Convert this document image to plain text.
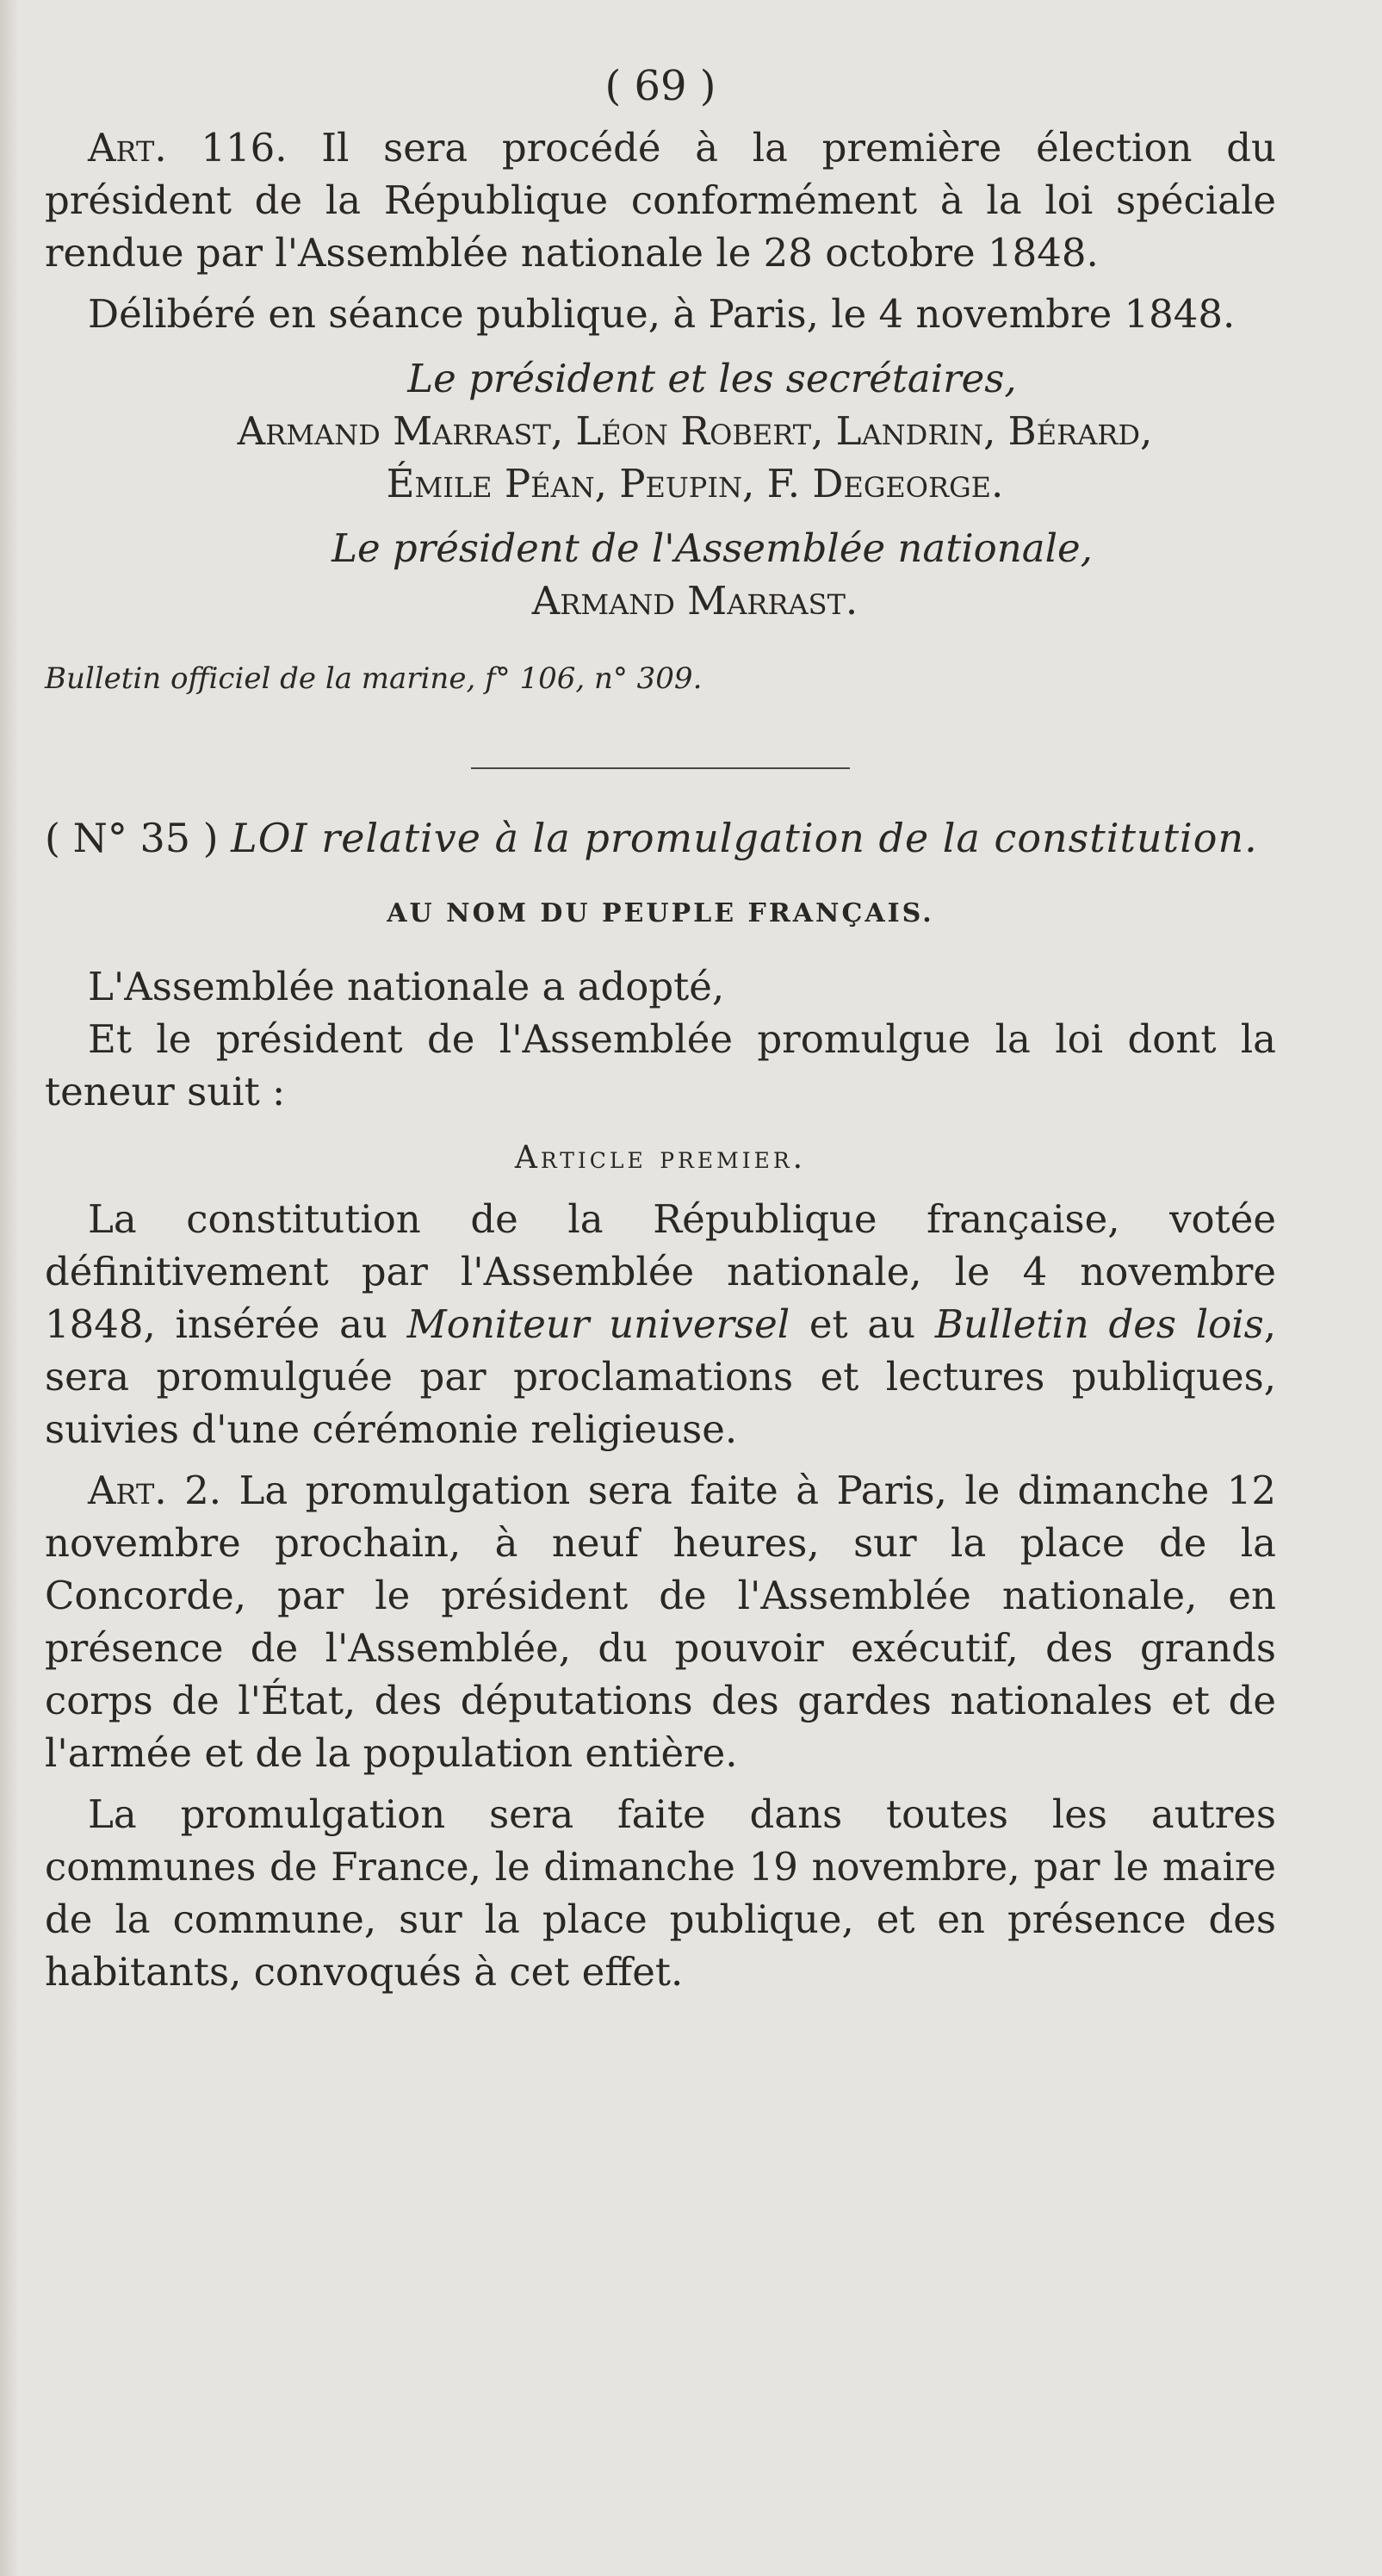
( 69 )

Art. 116. Il sera procédé à la première élection du président de la République conformément à la loi spéciale rendue par l'Assemblée nationale le 28 octobre 1848.

Délibéré en séance publique, à Paris, le 4 novembre 1848.

Le président et les secrétaires,
Armand Marrast, Léon Robert, Landrin, Bérard,
Émile Péan, Peupin, F. Degeorge.
Le président de l'Assemblée nationale,
Armand Marrast.
Bulletin officiel de la marine, f° 106, n° 309.
( N° 35 ) LOI relative à la promulgation de la constitution.
AU NOM DU PEUPLE FRANÇAIS.

L'Assemblée nationale a adopté,

Et le président de l'Assemblée promulgue la loi dont la teneur suit :

Article premier.

La constitution de la République française, votée définitivement par l'Assemblée nationale, le 4 novembre 1848, insérée au Moniteur universel et au Bulletin des lois, sera promulguée par proclamations et lectures publiques, suivies d'une cérémonie religieuse.

Art. 2. La promulgation sera faite à Paris, le dimanche 12 novembre prochain, à neuf heures, sur la place de la Concorde, par le président de l'Assemblée nationale, en présence de l'Assemblée, du pouvoir exécutif, des grands corps de l'État, des députations des gardes nationales et de l'armée et de la population entière.

La promulgation sera faite dans toutes les autres communes de France, le dimanche 19 novembre, par le maire de la commune, sur la place publique, et en présence des habitants, convoqués à cet effet.
